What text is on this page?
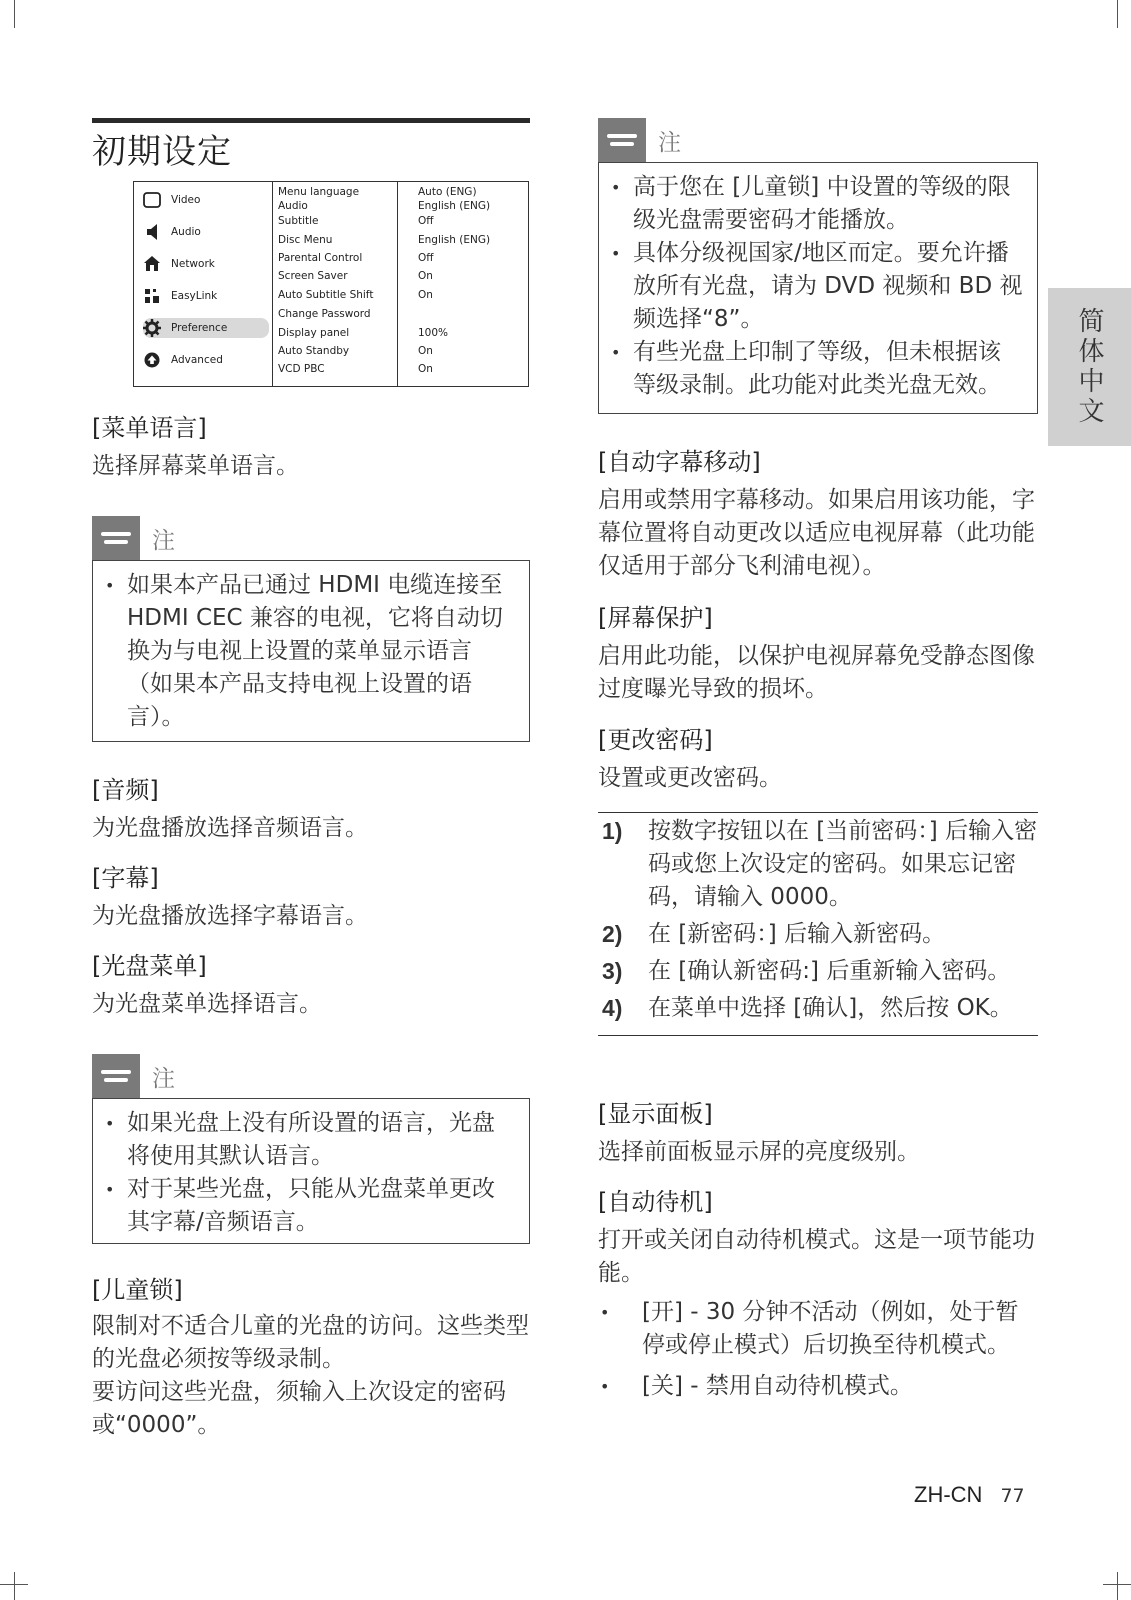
初期设定
Video
Audio
Network
EasyLink
Preference
Advanced
Menu language
Audio
Subtitle
Disc Menu
Parental Control
Screen Saver
Auto Subtitle Shift
Change Password
Display panel
Auto Standby
VCD PBC
Auto (ENG)
English (ENG)
Off
English (ENG)
Off
On
On
100%
On
On
[菜单语言]
选择屏幕菜单语言。
注
• 如果本产品已通过 HDMI 电缆连接至 HDMI CEC 兼容的电视，它将自动切换为与电视上设置的菜单显示语言（如果本产品支持电视上设置的语言）。
[音频]
为光盘播放选择音频语言。
[字幕]
为光盘播放选择字幕语言。
[光盘菜单]
为光盘菜单选择语言。
注
• 如果光盘上没有所设置的语言，光盘将使用其默认语言。
• 对于某些光盘，只能从光盘菜单更改其字幕/音频语言。
[儿童锁]
限制对不适合儿童的光盘的访问。这些类型的光盘必须按等级录制。
要访问这些光盘，须输入上次设定的密码或“0000”。
注
• 高于您在 [儿童锁] 中设置的等级的限级光盘需要密码才能播放。
• 具体分级视国家/地区而定。要允许播放所有光盘，请为 DVD 视频和 BD 视频选择“8”。
• 有些光盘上印制了等级，但未根据该等级录制。此功能对此类光盘无效。
[自动字幕移动]
启用或禁用字幕移动。如果启用该功能，字幕位置将自动更改以适应电视屏幕（此功能仅适用于部分飞利浦电视）。
[屏幕保护]
启用此功能，以保护电视屏幕免受静态图像过度曝光导致的损坏。
[更改密码]
设置或更改密码。
1) 按数字按钮以在 [当前密码：] 后输入密码或您上次设定的密码。如果忘记密码，请输入 0000。
2) 在 [新密码：] 后输入新密码。
3) 在 [确认新密码:] 后重新输入密码。
4) 在菜单中选择 [确认]，然后按 OK。
[显示面板]
选择前面板显示屏的亮度级别。
[自动待机]
打开或关闭自动待机模式。这是一项节能功能。
• [开] - 30 分钟不活动（例如，处于暂停或停止模式）后切换至待机模式。
• [关] - 禁用自动待机模式。
简体中文
ZH-CN 77
